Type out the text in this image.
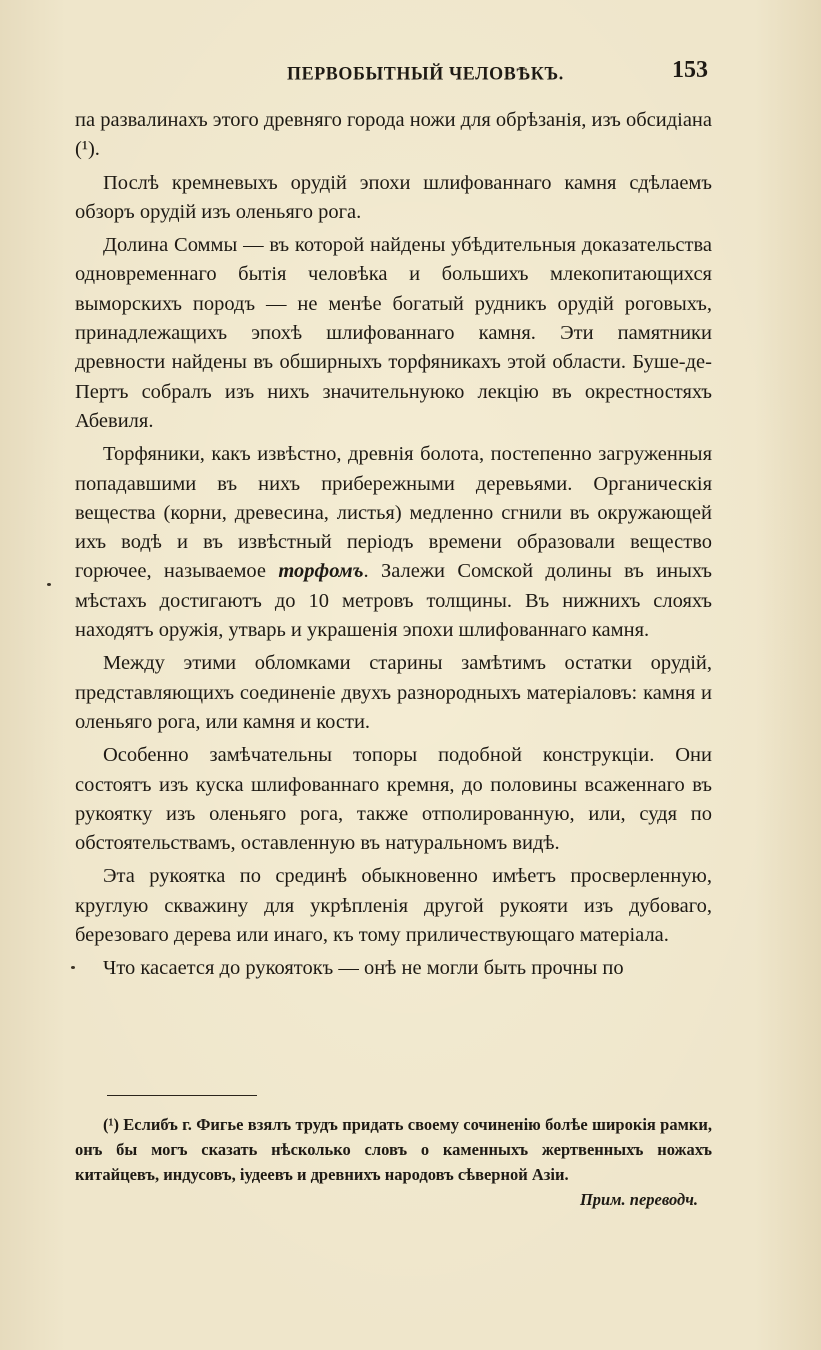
ПЕРВОБЫТНЫЙ ЧЕЛОВѢКЪ.	153

па развалинахъ этого древняго города ножи для обрѣзанія, изъ обсидіана (¹).

Послѣ кремневыхъ орудій эпохи шлифованнаго камня сдѣлаемъ обзоръ орудій изъ оленьяго рога.

Долина Соммы — въ которой найдены убѣдительныя доказательства одновременнаго бытія человѣка и большихъ млекопитающихся выморскихъ породъ — не менѣе богатый рудникъ орудій роговыхъ, принадлежащихъ эпохѣ шлифованнаго камня. Эти памятники древности найдены въ обширныхъ торфяникахъ этой области. Буше-де-Пертъ собралъ изъ нихъ значительнуюко лекцію въ окрестностяхъ Абевиля.

Торфяники, какъ извѣстно, древнія болота, постепенно загруженныя попадавшими въ нихъ прибережными деревьями. Органическія вещества (корни, древесина, листья) медленно сгнили въ окружающей ихъ водѣ и въ извѣстный періодъ времени образовали вещество горючее, называемое торфомъ. Залежи Сомской долины въ иныхъ мѣстахъ достигаютъ до 10 метровъ толщины. Въ нижнихъ слояхъ находятъ оружія, утварь и украшенія эпохи шлифованнаго камня.

Между этими обломками старины замѣтимъ остатки орудій, представляющихъ соединеніе двухъ разнородныхъ матеріаловъ: камня и оленьяго рога, или камня и кости.

Особенно замѣчательны топоры подобной конструкціи. Они состоятъ изъ куска шлифованнаго кремня, до половины всаженнаго въ рукоятку изъ оленьяго рога, также отполированную, или, судя по обстоятельствамъ, оставленную въ натуральномъ видѣ.

Эта рукоятка по срединѣ обыкновенно имѣетъ просверленную, круглую скважину для укрѣпленія другой рукояти изъ дубоваго, березоваго дерева или инаго, къ тому приличествующаго матеріала.

Что касается до рукоятокъ — онѣ не могли быть прочны по

(¹) Еслибъ г. Фигье взялъ трудъ придать своему сочиненію болѣе широкія рамки, онъ бы могъ сказать нѣсколько словъ о каменныхъ жертвенныхъ ножахъ китайцевъ, индусовъ, іудеевъ и древнихъ народовъ сѣверной Азіи.
Прим. переводч.
